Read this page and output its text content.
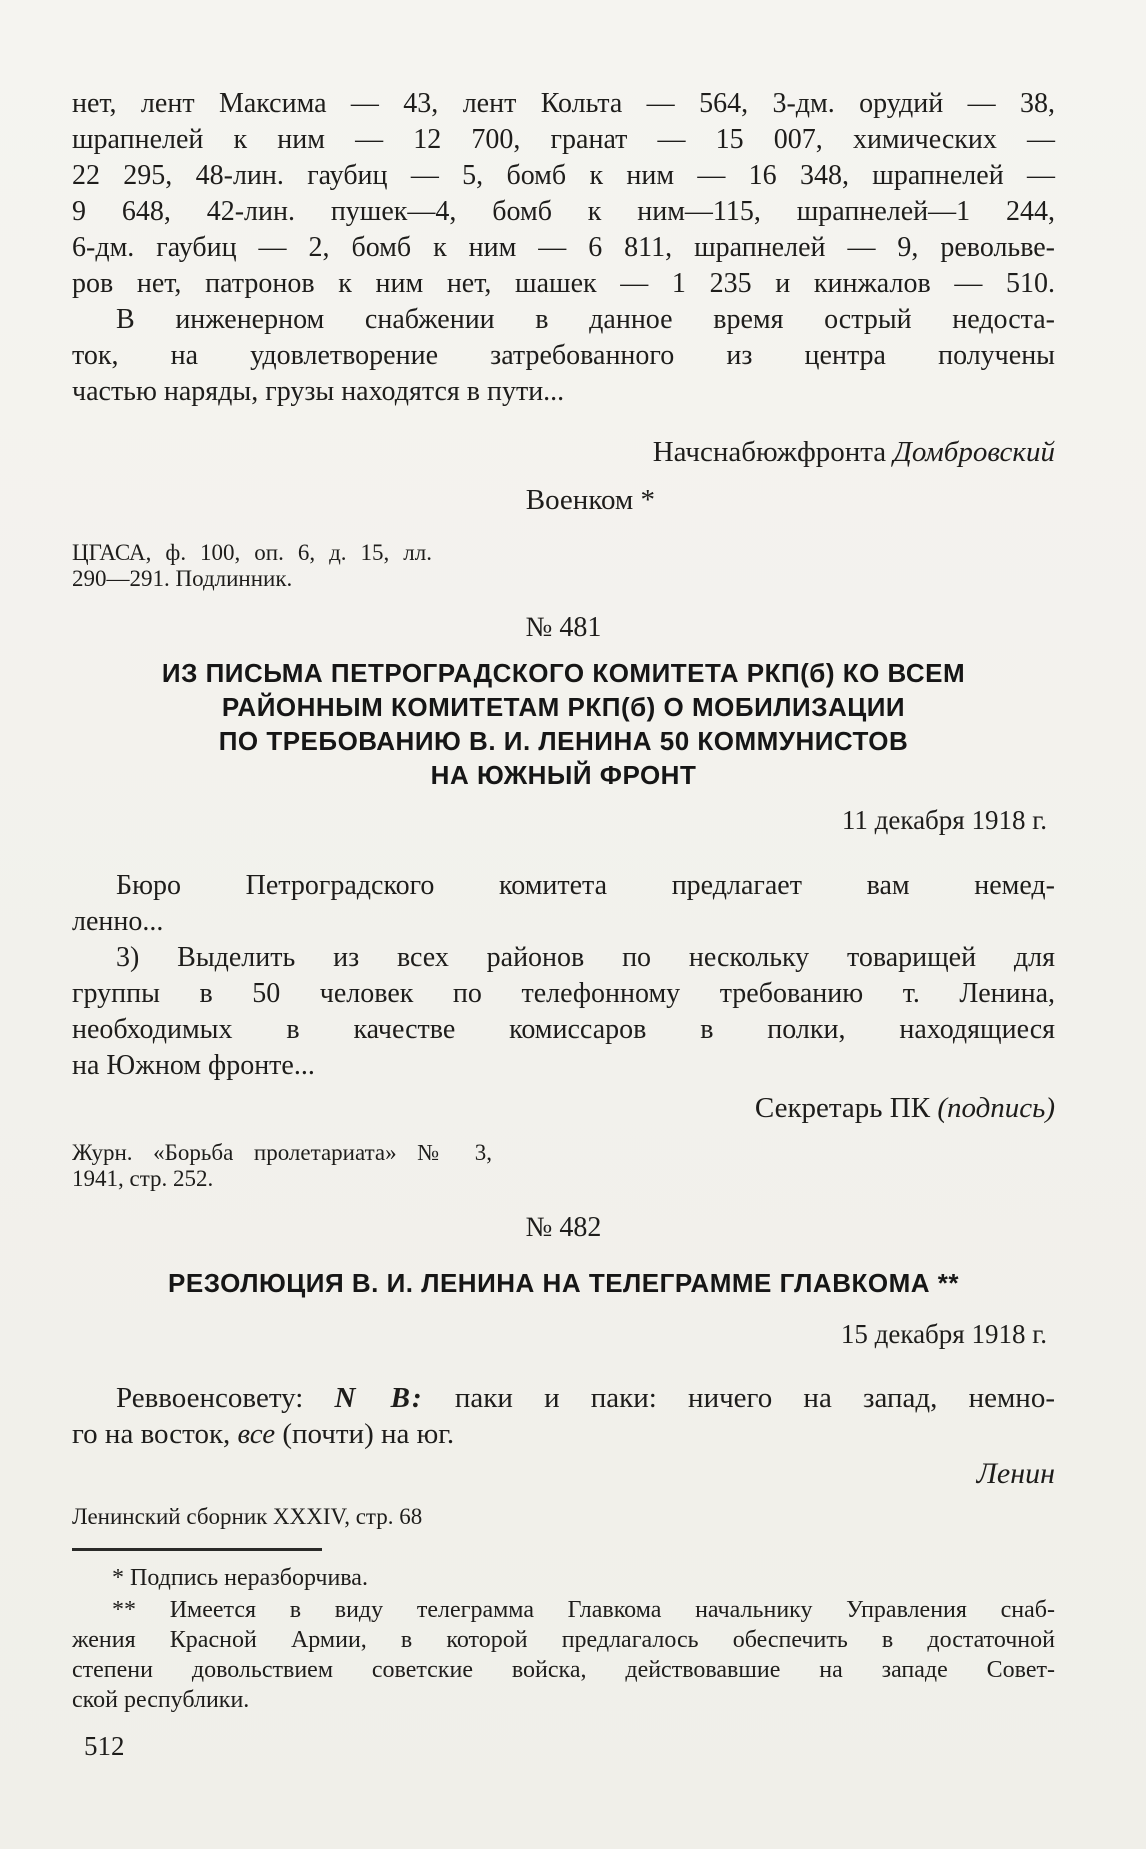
нет, лент Максима — 43, лент Кольта — 564, 3-дм. орудий — 38,
шрапнелей к ним — 12 700, гранат — 15 007, химических —
22 295, 48-лин. гаубиц — 5, бомб к ним — 16 348, шрапнелей —
9 648, 42-лин. пушек—4, бомб к ним—115, шрапнелей—1 244,
6-дм. гаубиц — 2, бомб к ним — 6 811, шрапнелей — 9, револьве-
ров нет, патронов к ним нет, шашек — 1 235 и кинжалов — 510.
В инженерном снабжении в данное время острый недоста-
ток, на удовлетворение затребованного из центра получены
частью наряды, грузы находятся в пути...
Начснабюжфронта Домбровский
Военком *
ЦГАСА, ф. 100, оп. 6, д. 15, лл.
290—291. Подлинник.
№ 481
ИЗ ПИСЬМА ПЕТРОГРАДСКОГО КОМИТЕТА РКП(б) КО ВСЕМ
РАЙОННЫМ КОМИТЕТАМ РКП(б) О МОБИЛИЗАЦИИ
ПО ТРЕБОВАНИЮ В. И. ЛЕНИНА 50 КОММУНИСТОВ
НА ЮЖНЫЙ ФРОНТ
11 декабря 1918 г.
Бюро Петроградского комитета предлагает вам немед-
ленно...
3) Выделить из всех районов по нескольку товарищей для
группы в 50 человек по телефонному требованию т. Ленина,
необходимых в качестве комиссаров в полки, находящиеся
на Южном фронте...
Секретарь ПК (подпись)
Журн. «Борьба пролетариата» № 3,
1941, стр. 252.
№ 482
РЕЗОЛЮЦИЯ В. И. ЛЕНИНА НА ТЕЛЕГРАММЕ ГЛАВКОМА **
15 декабря 1918 г.
Реввоенсовету: N B: паки и паки: ничего на запад, немно-
го на восток, все (почти) на юг.
Ленин
Ленинский сборник XXXIV, стр. 68
* Подпись неразборчива.
** Имеется в виду телеграмма Главкома начальнику Управления снаб-
жения Красной Армии, в которой предлагалось обеспечить в достаточной
степени довольствием советские войска, действовавшие на западе Совет-
ской республики.
512
